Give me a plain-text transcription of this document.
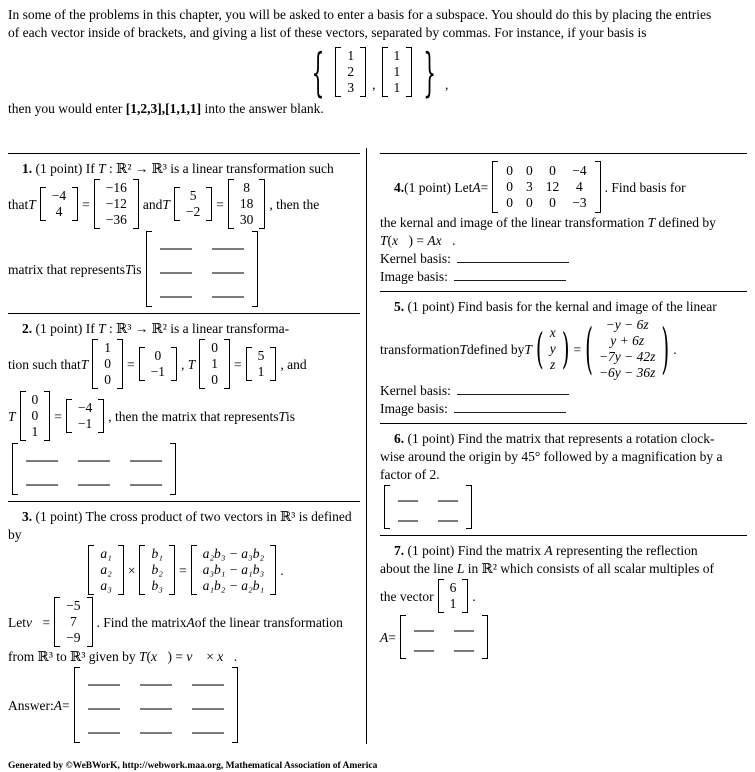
In some of the problems in this chapter, you will be asked to enter a basis for a subspace. You should do this by placing the entries
of each vector inside of brackets, and giving a list of these vectors, separated by commas. For instance, if your basis is
{ 1
2
3 ,
1
1
1 } ,
then you would enter [1,2,3],[1,1,1] into the answer blank.
1. (1 point) If T : ℝ² → ℝ³ is a linear transformation such
that T
−4
4 =
−16
−12
−36
and T
5
−2 =
8
18
30
, then the
matrix that represents T is
2. (1 point) If T : ℝ³ → ℝ² is a linear transforma-
tion such that T
1
0
0
=
0
−1 ,
T
0
1
0
=
5
1 , and
T
0
0
1
=
−4
−1 , then the matrix that represents T is
3. (1 point) The cross product of two vectors in ℝ³ is defined
by
a₁
a₂
a₃
×
b₁
b₂
b₃
=
a₂b₃ − a₃b₂
a₃b₁ − a₁b₃
a₁b₂ − a₂b₁
.
Let v⃗ =
−5
7
−9
. Find the matrix A of the linear transformation
from ℝ³ to ℝ³ given by T(x⃗) = v⃗ × x⃗.
Answer: A =
4. (1 point) Let A =
0 0 0 −4
0 3 12 4
0 0 0 −3
. Find basis for
the kernal and image of the linear transformation T defined by
T(x⃗) = Ax⃗.
Kernel basis:
Image basis:
5. (1 point) Find basis for the kernal and image of the linear
transformation T defined by T ( x
y
z ) = ( −y − 6z
y + 6z
−7y − 42z
−6y − 36z ) .
Kernel basis:
Image basis:
6. (1 point) Find the matrix that represents a rotation clock-
wise around the origin by 45° followed by a magnification by a
factor of 2.
7. (1 point) Find the matrix A representing the reflection
about the line L in ℝ² which consists of all scalar multiples of
the vector
6
1 .
A =
Generated by ©WeBWorK, http://webwork.maa.org, Mathematical Association of America
